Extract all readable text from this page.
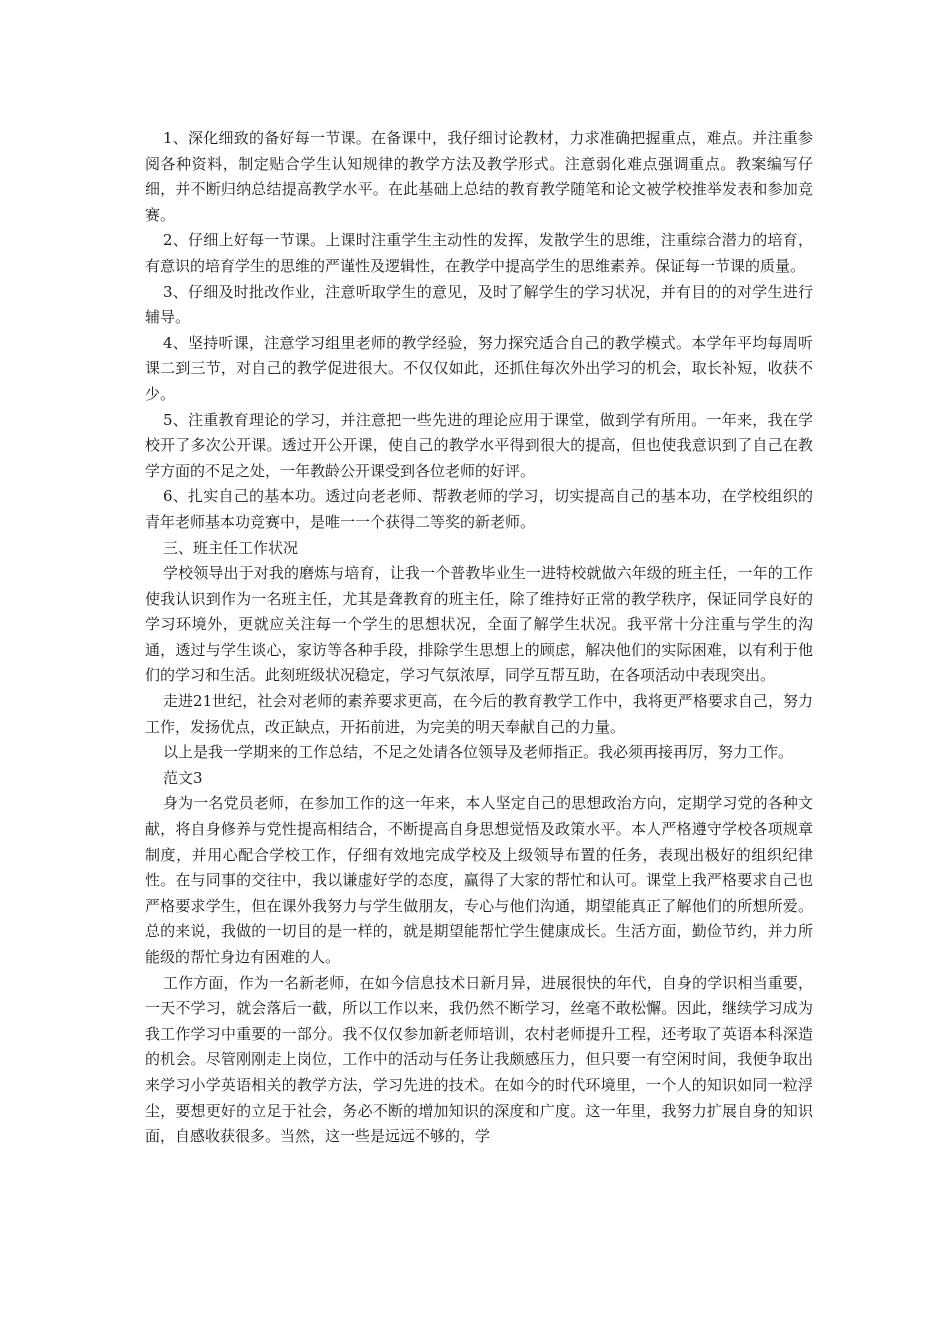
1、深化细致的备好每一节课。在备课中，我仔细讨论教材，力求准确把握重点，难点。并注重参阅各种资料，制定贴合学生认知规律的教学方法及教学形式。注意弱化难点强调重点。教案编写仔细，并不断归纳总结提高教学水平。在此基础上总结的教育教学随笔和论文被学校推举发表和参加竞赛。

2、仔细上好每一节课。上课时注重学生主动性的发挥，发散学生的思维，注重综合潜力的培育，有意识的培育学生的思维的严谨性及逻辑性，在教学中提高学生的思维素养。保证每一节课的质量。

3、仔细及时批改作业，注意听取学生的意见，及时了解学生的学习状况，并有目的的对学生进行辅导。

4、坚持听课，注意学习组里老师的教学经验，努力探究适合自己的教学模式。本学年平均每周听课二到三节，对自己的教学促进很大。不仅仅如此，还抓住每次外出学习的机会，取长补短，收获不少。

5、注重教育理论的学习，并注意把一些先进的理论应用于课堂，做到学有所用。一年来，我在学校开了多次公开课。透过开公开课，使自己的教学水平得到很大的提高，但也使我意识到了自己在教学方面的不足之处，一年教龄公开课受到各位老师的好评。

6、扎实自己的基本功。透过向老老师、帮教老师的学习，切实提高自己的基本功，在学校组织的青年老师基本功竞赛中，是唯一一个获得二等奖的新老师。

三、班主任工作状况

学校领导出于对我的磨炼与培育，让我一个普教毕业生一进特校就做六年级的班主任，一年的工作使我认识到作为一名班主任，尤其是聋教育的班主任，除了维持好正常的教学秩序，保证同学良好的学习环境外，更就应关注每一个学生的思想状况，全面了解学生状况。我平常十分注重与学生的沟通，透过与学生谈心，家访等各种手段，排除学生思想上的顾虑，解决他们的实际困难，以有利于他们的学习和生活。此刻班级状况稳定，学习气氛浓厚，同学互帮互助，在各项活动中表现突出。

走进21世纪，社会对老师的素养要求更高，在今后的教育教学工作中，我将更严格要求自己，努力工作，发扬优点，改正缺点，开拓前进，为完美的明天奉献自己的力量。

以上是我一学期来的工作总结，不足之处请各位领导及老师指正。我必须再接再厉，努力工作。

范文3

身为一名党员老师，在参加工作的这一年来，本人坚定自己的思想政治方向，定期学习党的各种文献，将自身修养与党性提高相结合，不断提高自身思想觉悟及政策水平。本人严格遵守学校各项规章制度，并用心配合学校工作，仔细有效地完成学校及上级领导布置的任务，表现出极好的组织纪律性。在与同事的交往中，我以谦虚好学的态度，赢得了大家的帮忙和认可。课堂上我严格要求自己也严格要求学生，但在课外我努力与学生做朋友，专心与他们沟通，期望能真正了解他们的所想所爱。总的来说，我做的一切目的是一样的，就是期望能帮忙学生健康成长。生活方面，勤俭节约，并力所能级的帮忙身边有困难的人。

工作方面，作为一名新老师，在如今信息技术日新月异，进展很快的年代，自身的学识相当重要，一天不学习，就会落后一截，所以工作以来，我仍然不断学习，丝毫不敢松懈。因此，继续学习成为我工作学习中重要的一部分。我不仅仅参加新老师培训，农村老师提升工程，还考取了英语本科深造的机会。尽管刚刚走上岗位，工作中的活动与任务让我颇感压力，但只要一有空闲时间，我便争取出来学习小学英语相关的教学方法，学习先进的技术。在如今的时代环境里，一个人的知识如同一粒浮尘，要想更好的立足于社会，务必不断的增加知识的深度和广度。这一年里，我努力扩展自身的知识面，自感收获很多。当然，这一些是远远不够的，学
